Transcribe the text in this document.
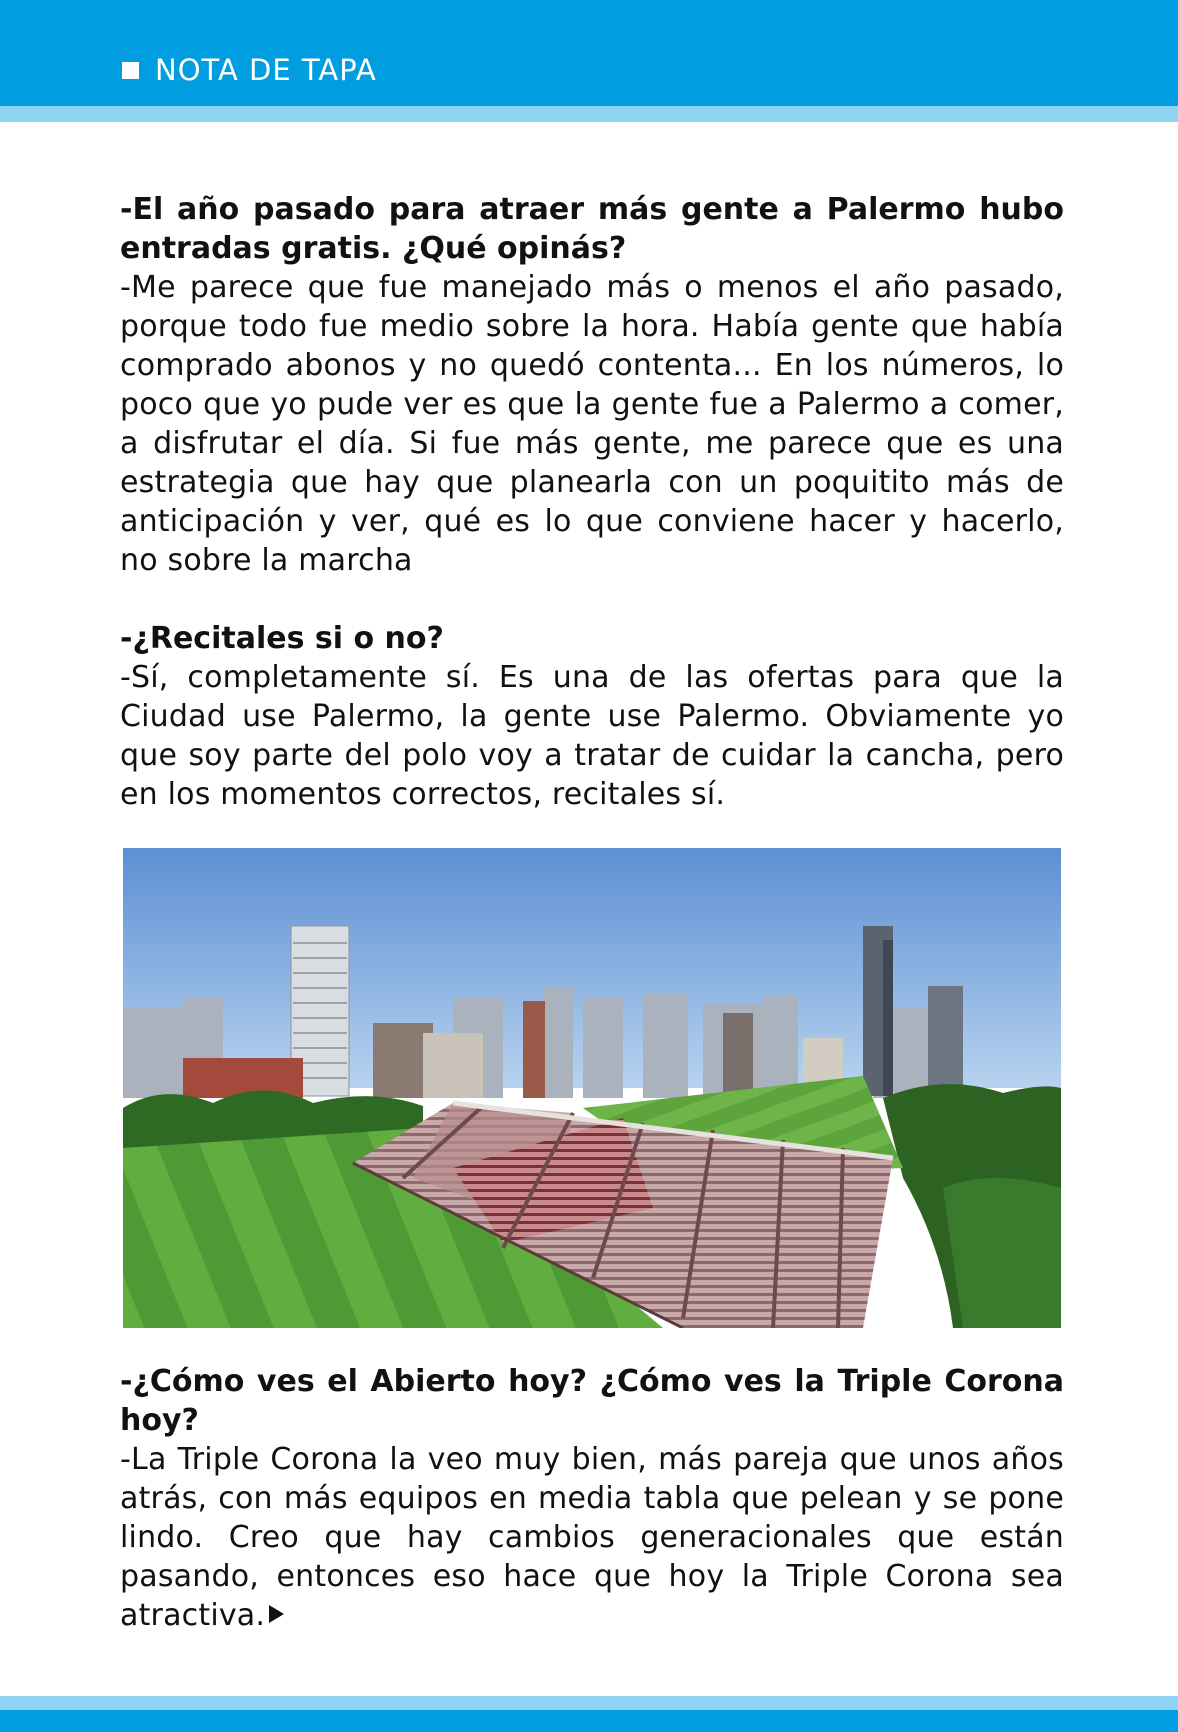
NOTA DE TAPA

-El año pasado para atraer más gente a Palermo hubo entradas gratis. ¿Qué opinás?

-Me parece que fue manejado más o menos el año pasado, porque todo fue medio sobre la hora. Había gente que había comprado abonos y no quedó contenta... En los números, lo poco que yo pude ver es que la gente fue a Palermo a comer, a disfrutar el día. Si fue más gente, me parece que es una estrategia que hay que planearla con un poquitito más de anticipación y ver, qué es lo que conviene hacer y hacerlo, no sobre la marcha

-¿Recitales si o no?

-Sí, completamente sí. Es una de las ofertas para que la Ciudad use Palermo, la gente use Palermo. Obviamente yo que soy parte del polo voy a tratar de cuidar la cancha, pero en los momentos correctos, recitales sí.

-¿Cómo ves el Abierto hoy? ¿Cómo ves la Triple Corona hoy?

-La Triple Corona la veo muy bien, más pareja que unos años atrás, con más equipos en media tabla que pelean y se pone lindo. Creo que hay cambios generacionales que están pasando, entonces eso hace que hoy la Triple Corona sea atractiva.
